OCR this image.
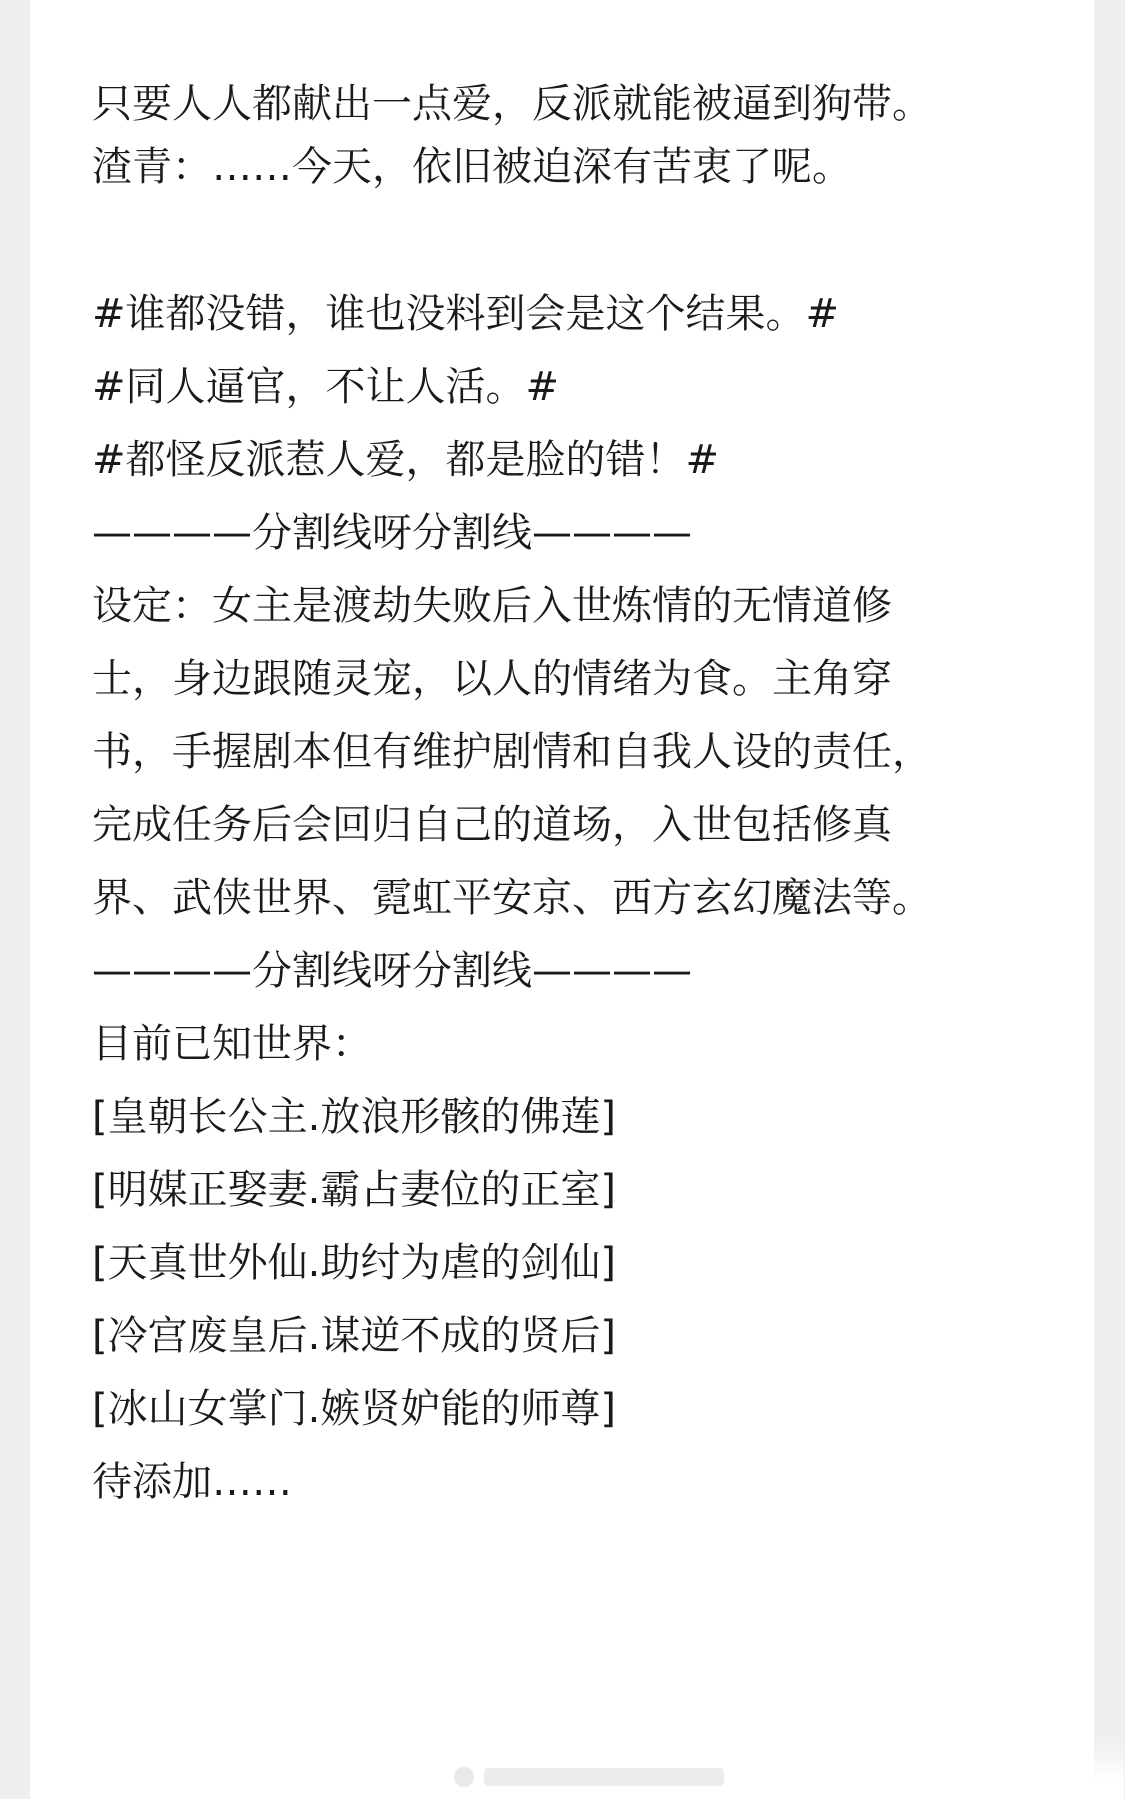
只要人人都献出一点爱，反派就能被逼到狗带。
渣青：……今天，依旧被迫深有苦衷了呢。
#谁都没错，谁也没料到会是这个结果。#
#同人逼官，不让人活。#
#都怪反派惹人爱，都是脸的错！#
————分割线呀分割线————
设定：女主是渡劫失败后入世炼情的无情道修
士，身边跟随灵宠，以人的情绪为食。主角穿
书，手握剧本但有维护剧情和自我人设的责任，
完成任务后会回归自己的道场，入世包括修真
界、武侠世界、霓虹平安京、西方玄幻魔法等。
————分割线呀分割线————
目前已知世界：
[皇朝长公主.放浪形骸的佛莲]
[明媒正娶妻.霸占妻位的正室]
[天真世外仙.助纣为虐的剑仙]
[冷宫废皇后.谋逆不成的贤后]
[冰山女掌门.嫉贤妒能的师尊]
待添加……
